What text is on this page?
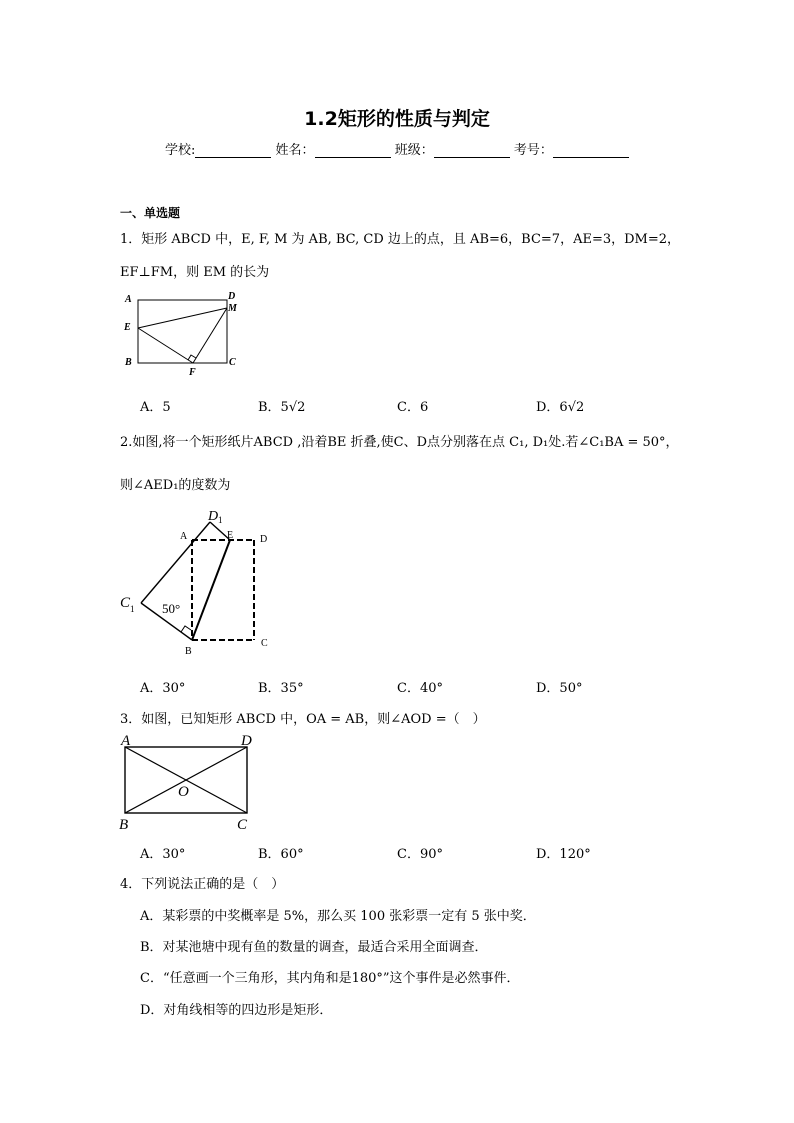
1.2矩形的性质与判定
学校:	姓名：	班级：	考号：
一、单选题
1．矩形 ABCD 中，E, F, M 为 AB, BC, CD 边上的点，且 AB=6，BC=7，AE=3，DM=2，
EF⊥FM，则 EM 的长为
A	D
M
E
B
F
C
A．5	B．5√2	C．6	D．6√2
2.如图,将一个矩形纸片ABCD ,沿着BE 折叠,使C、D点分别落在点 C₁, D₁处.若∠C₁BA = 50°，
则∠AED₁的度数为
D 1
A	E	D
C 1 50°
B
C
A．30°	B．35°	C．40°	D．50°
3．如图，已知矩形 ABCD 中，OA = AB，则∠AOD =（　）
A	D
O
B	C
A．30°	B．60°	C．90°	D．120°
4．下列说法正确的是（　）
A．某彩票的中奖概率是 5%，那么买 100 张彩票一定有 5 张中奖．
B．对某池塘中现有鱼的数量的调查，最适合采用全面调查．
C．“任意画一个三角形，其内角和是180°”这个事件是必然事件．
D．对角线相等的四边形是矩形．
